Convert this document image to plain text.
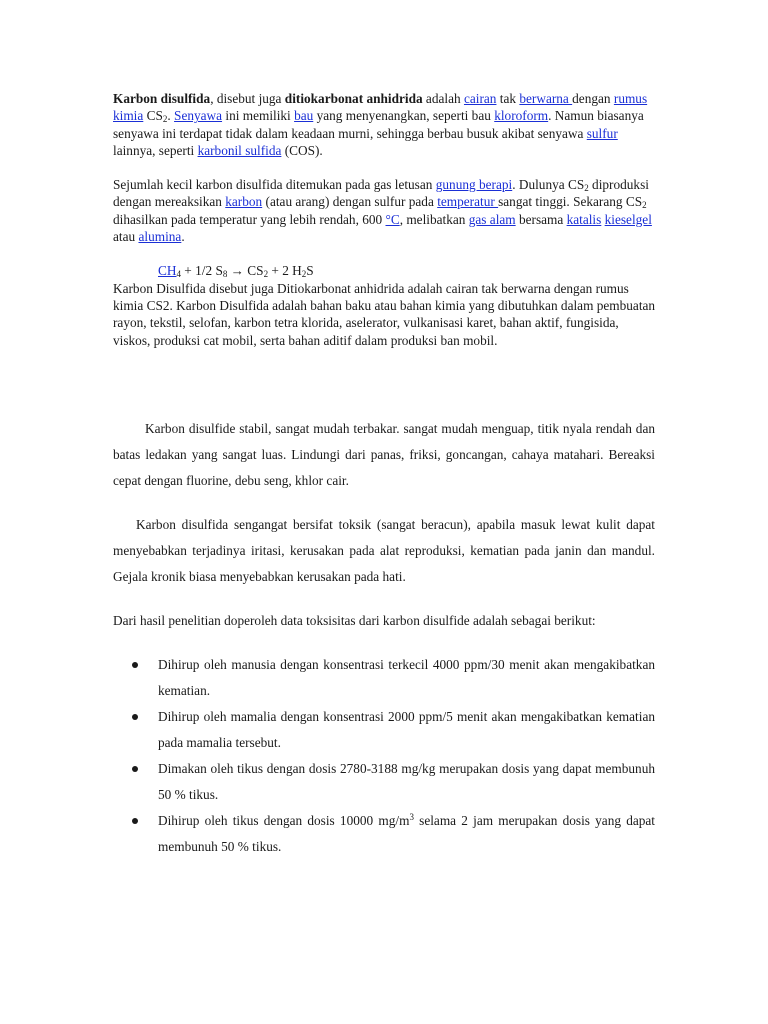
Karbon disulfida, disebut juga ditiokarbonat anhidrida adalah cairan tak berwarna dengan rumus kimia $CS_2$. Senyawa ini memiliki bau yang menyenangkan, seperti bau kloroform. Namun biasanya senyawa ini terdapat tidak dalam keadaan murni, sehingga berbau busuk akibat senyawa sulfur lainnya, seperti karbonil sulfida (COS).

Sejumlah kecil karbon disulfida ditemukan pada gas letusan gunung berapi. Dulunya $CS_2$ diproduksi dengan mereaksikan karbon (atau arang) dengan sulfur pada temperatur sangat tinggi. Sekarang $CS_2$ dihasilkan pada temperatur yang lebih rendah, 600 °C, melibatkan gas alam bersama katalis kieselgel atau alumina.

$CH_4 + 1/2$ $S_8 \to CS_2 + 2$ $H_2S$

Karbon Disulfida disebut juga Ditiokarbonat anhidrida adalah cairan tak berwarna dengan rumus kimia CS2. Karbon Disulfida adalah bahan baku atau bahan kimia yang dibutuhkan dalam pembuatan rayon, tekstil, selofan, karbon tetra klorida, aselerator, vulkanisasi karet, bahan aktif, fungisida, viskos, produksi cat mobil, serta bahan aditif dalam produksi ban mobil.

Karbon disulfide stabil, sangat mudah terbakar. sangat mudah menguap, titik nyala rendah dan batas ledakan yang sangat luas. Lindungi dari panas, friksi, goncangan, cahaya matahari. Bereaksi cepat dengan fluorine, debu seng, khlor cair.

Karbon disulfida sengangat bersifat toksik (sangat beracun), apabila masuk lewat kulit dapat menyebabkan terjadinya iritasi, kerusakan pada alat reproduksi, kematian pada janin dan mandul. Gejala kronik biasa menyebabkan kerusakan pada hati.

Dari hasil penelitian doperoleh data toksisitas dari karbon disulfide adalah sebagai berikut:

Dihirup oleh manusia dengan konsentrasi terkecil 4000 ppm/30 menit akan mengakibatkan kematian.
Dihirup oleh mamalia dengan konsentrasi 2000 ppm/5 menit akan mengakibatkan kematian pada mamalia tersebut.
Dimakan oleh tikus dengan dosis 2780-3188 mg/kg merupakan dosis yang dapat membunuh 50 % tikus.
Dihirup oleh tikus dengan dosis 10000 $mg/m^3$ selama 2 jam merupakan dosis yang dapat membunuh 50 % tikus.
